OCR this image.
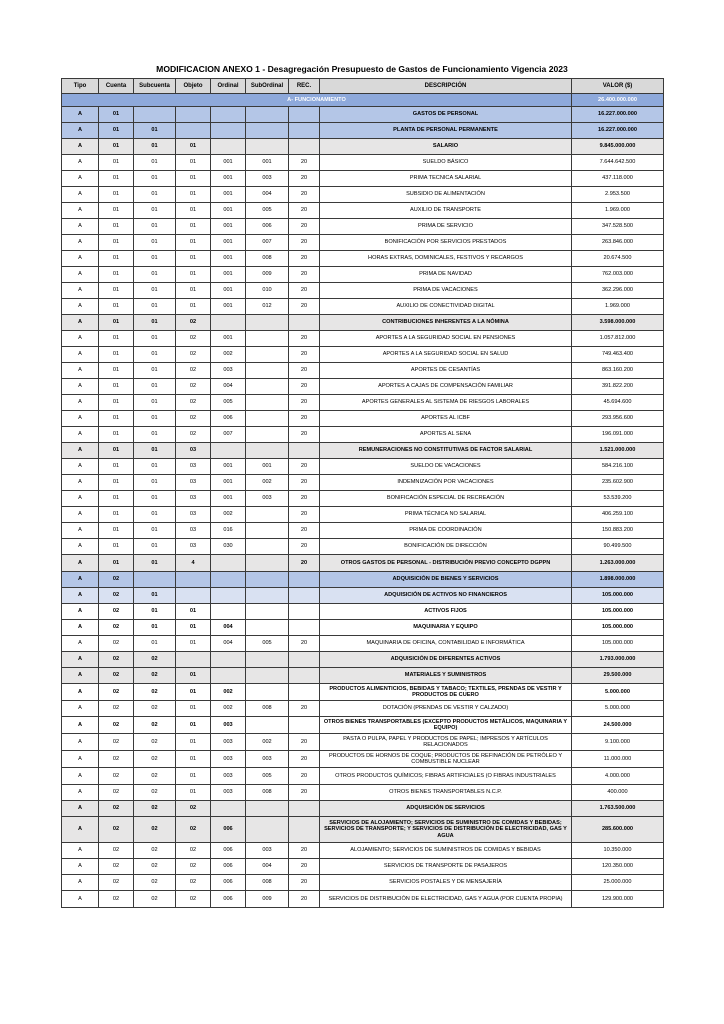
MODIFICACION ANEXO 1 - Desagregación Presupuesto de Gastos de Funcionamiento Vigencia 2023
Tipo	Cuenta	Subcuenta	Objeto	Ordinal	SubOrdinal	REC.	DESCRIPCIÓN	VALOR ($)
A- FUNCIONAMIENTO								26.400.000.000
A	01						GASTOS DE PERSONAL	16.227.000.000
A	01	01					PLANTA DE PERSONAL PERMANENTE	16.227.000.000
A	01	01	01				SALARIO	9.845.000.000
A	01	01	01	001	001	20	SUELDO BÁSICO	7.644.642.500
A	01	01	01	001	003	20	PRIMA TECNICA SALARIAL	437.118.000
A	01	01	01	001	004	20	SUBSIDIO DE ALIMENTACIÓN	2.953.500
A	01	01	01	001	005	20	AUXILIO DE TRANSPORTE	1.969.000
A	01	01	01	001	006	20	PRIMA DE SERVICIO	347.528.500
A	01	01	01	001	007	20	BONIFICACIÓN POR SERVICIOS PRESTADOS	263.846.000
A	01	01	01	001	008	20	HORAS EXTRAS, DOMINICALES, FESTIVOS Y RECARGOS	20.674.500
A	01	01	01	001	009	20	PRIMA DE NAVIDAD	762.003.000
A	01	01	01	001	010	20	PRIMA DE VACACIONES	362.296.000
A	01	01	01	001	012	20	AUXILIO DE CONECTIVIDAD DIGITAL	1.969.000
A	01	01	02				CONTRIBUCIONES INHERENTES A LA NÓMINA	3.598.000.000
A	01	01	02	001		20	APORTES A LA SEGURIDAD SOCIAL EN PENSIONES	1.057.812.000
A	01	01	02	002		20	APORTES A LA SEGURIDAD SOCIAL EN SALUD	749.463.400
A	01	01	02	003		20	APORTES DE CESANTÍAS	863.160.200
A	01	01	02	004		20	APORTES A CAJAS DE COMPENSACIÓN FAMILIAR	391.822.200
A	01	01	02	005		20	APORTES GENERALES AL SISTEMA DE RIESGOS LABORALES	45.694.600
A	01	01	02	006		20	APORTES AL ICBF	293.956.600
A	01	01	02	007		20	APORTES AL SENA	196.091.000
A	01	01	03				REMUNERACIONES NO CONSTITUTIVAS DE FACTOR SALARIAL	1.521.000.000
A	01	01	03	001	001	20	SUELDO DE VACACIONES	584.216.100
A	01	01	03	001	002	20	INDEMNIZACIÓN POR VACACIONES	235.602.900
A	01	01	03	001	003	20	BONIFICACIÓN ESPECIAL DE RECREACIÓN	53.539.200
A	01	01	03	002		20	PRIMA TÉCNICA NO SALARIAL	406.259.100
A	01	01	03	016		20	PRIMA DE COORDINACIÓN	150.883.200
A	01	01	03	030		20	BONIFICACIÓN DE DIRECCIÓN	90.499.500
A	01	01	4			20	OTROS GASTOS DE PERSONAL - DISTRIBUCIÓN PREVIO CONCEPTO DGPPN	1.263.000.000
A	02						ADQUISICIÓN DE BIENES Y SERVICIOS	1.898.000.000
A	02	01					ADQUISICIÓN DE ACTIVOS NO FINANCIEROS	105.000.000
A	02	01	01				ACTIVOS FIJOS	105.000.000
A	02	01	01	004			MAQUINARIA Y EQUIPO	105.000.000
A	02	01	01	004	005	20	MAQUINARIA DE OFICINA, CONTABILIDAD E INFORMÁTICA	105.000.000
A	02	02					ADQUISICIÓN DE DIFERENTES ACTIVOS	1.793.000.000
A	02	02	01				MATERIALES Y SUMINISTROS	29.500.000
A	02	02	01	002			PRODUCTOS ALIMENTICIOS, BEBIDAS Y TABACO; TEXTILES, PRENDAS DE VESTIR Y PRODUCTOS DE CUERO	5.000.000
A	02	02	01	002	008	20	DOTACIÓN (PRENDAS DE VESTIR Y CALZADO)	5.000.000
A	02	02	01	003			OTROS BIENES TRANSPORTABLES (EXCEPTO PRODUCTOS METÁLICOS, MAQUINARIA Y EQUIPO)	24.500.000
A	02	02	01	003	002	20	PASTA O PULPA, PAPEL Y PRODUCTOS DE PAPEL; IMPRESOS Y ARTÍCULOS RELACIONADOS	9.100.000
A	02	02	01	003	003	20	PRODUCTOS DE HORNOS DE COQUE; PRODUCTOS DE REFINACIÓN DE PETRÓLEO Y COMBUSTIBLE NUCLEAR	11.000.000
A	02	02	01	003	005	20	OTROS PRODUCTOS QUÍMICOS; FIBRAS ARTIFICIALES (O FIBRAS INDUSTRIALES	4.000.000
A	02	02	01	003	008	20	OTROS BIENES TRANSPORTABLES N.C.P.	400.000
A	02	02	02				ADQUISICIÓN DE SERVICIOS	1.763.500.000
A	02	02	02	006			SERVICIOS DE ALOJAMIENTO; SERVICIOS DE SUMINISTRO DE COMIDAS Y BEBIDAS; SERVICIOS DE TRANSPORTE; Y SERVICIOS DE DISTRIBUCIÓN DE ELECTRICIDAD, GAS Y AGUA	285.600.000
A	02	02	02	006	003	20	ALOJAMIENTO; SERVICIOS DE SUMINISTROS DE COMIDAS Y BEBIDAS	10.350.000
A	02	02	02	006	004	20	SERVICIOS DE TRANSPORTE DE PASAJEROS	120.350.000
A	02	02	02	006	008	20	SERVICIOS POSTALES Y DE MENSAJERÍA	25.000.000
A	02	02	02	006	009	20	SERVICIOS DE DISTRIBUCIÓN DE ELECTRICIDAD, GAS Y AGUA (POR CUENTA PROPIA)	129.900.000
